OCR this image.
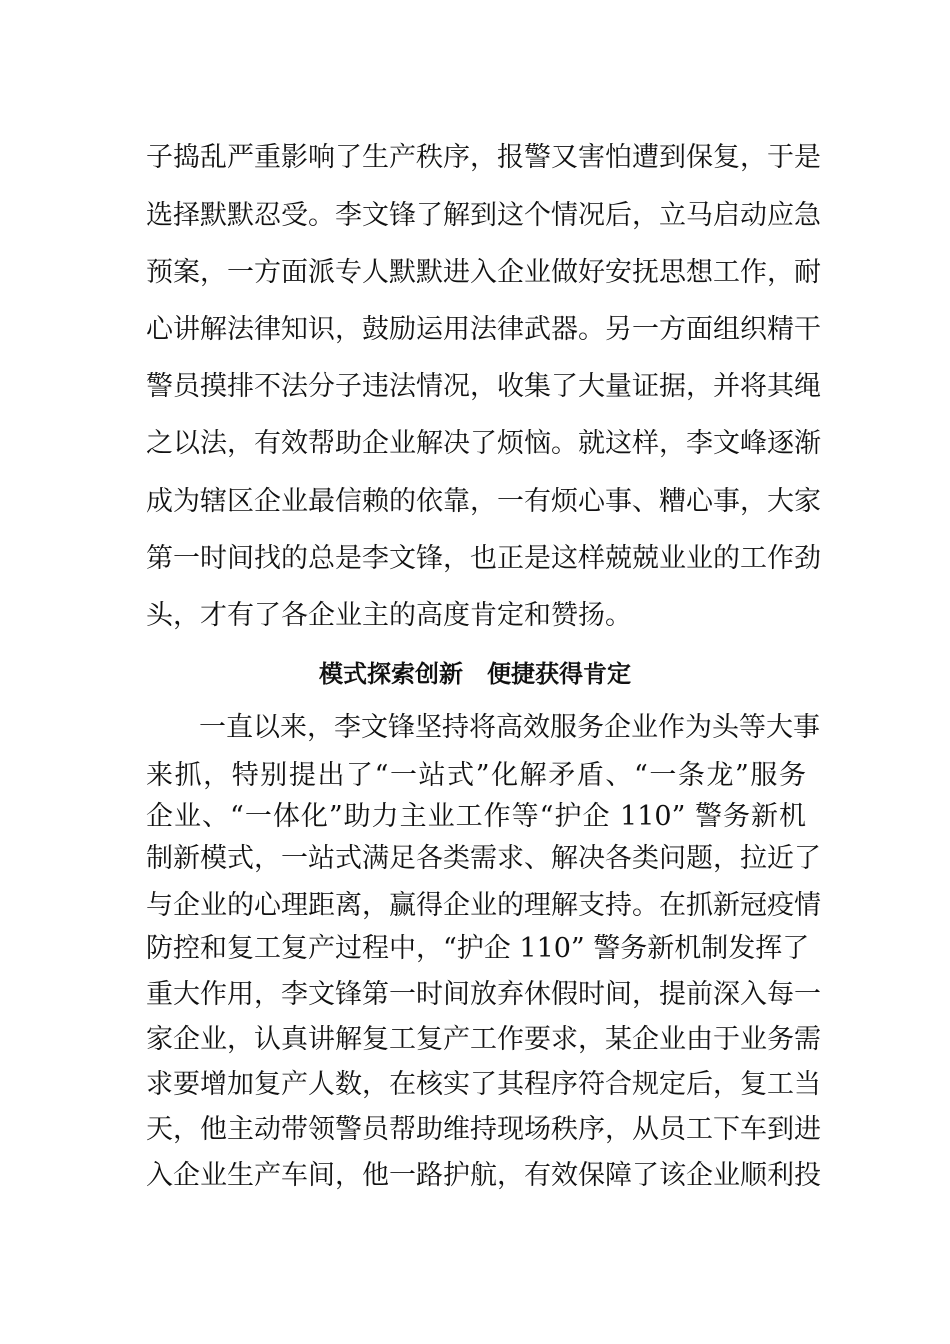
子捣乱严重影响了生产秩序，报警又害怕遭到保复，于是
选择默默忍受。李文锋了解到这个情况后，立马启动应急
预案，一方面派专人默默进入企业做好安抚思想工作，耐
心讲解法律知识，鼓励运用法律武器。另一方面组织精干
警员摸排不法分子违法情况，收集了大量证据，并将其绳
之以法，有效帮助企业解决了烦恼。就这样，李文峰逐渐
成为辖区企业最信赖的依靠，一有烦心事、糟心事，大家
第一时间找的总是李文锋，也正是这样兢兢业业的工作劲
头，才有了各企业主的高度肯定和赞扬。
模式探索创新　便捷获得肯定
一直以来，李文锋坚持将高效服务企业作为头等大事
来抓，特别提出了“一站式”化解矛盾、“一条龙”服务
企业、“一体化”助力主业工作等“护企 110” 警务新机
制新模式，一站式满足各类需求、解决各类问题，拉近了
与企业的心理距离，赢得企业的理解支持。在抓新冠疫情
防控和复工复产过程中，“护企 110” 警务新机制发挥了
重大作用，李文锋第一时间放弃休假时间，提前深入每一
家企业，认真讲解复工复产工作要求，某企业由于业务需
求要增加复产人数，在核实了其程序符合规定后，复工当
天，他主动带领警员帮助维持现场秩序，从员工下车到进
入企业生产车间，他一路护航，有效保障了该企业顺利投
